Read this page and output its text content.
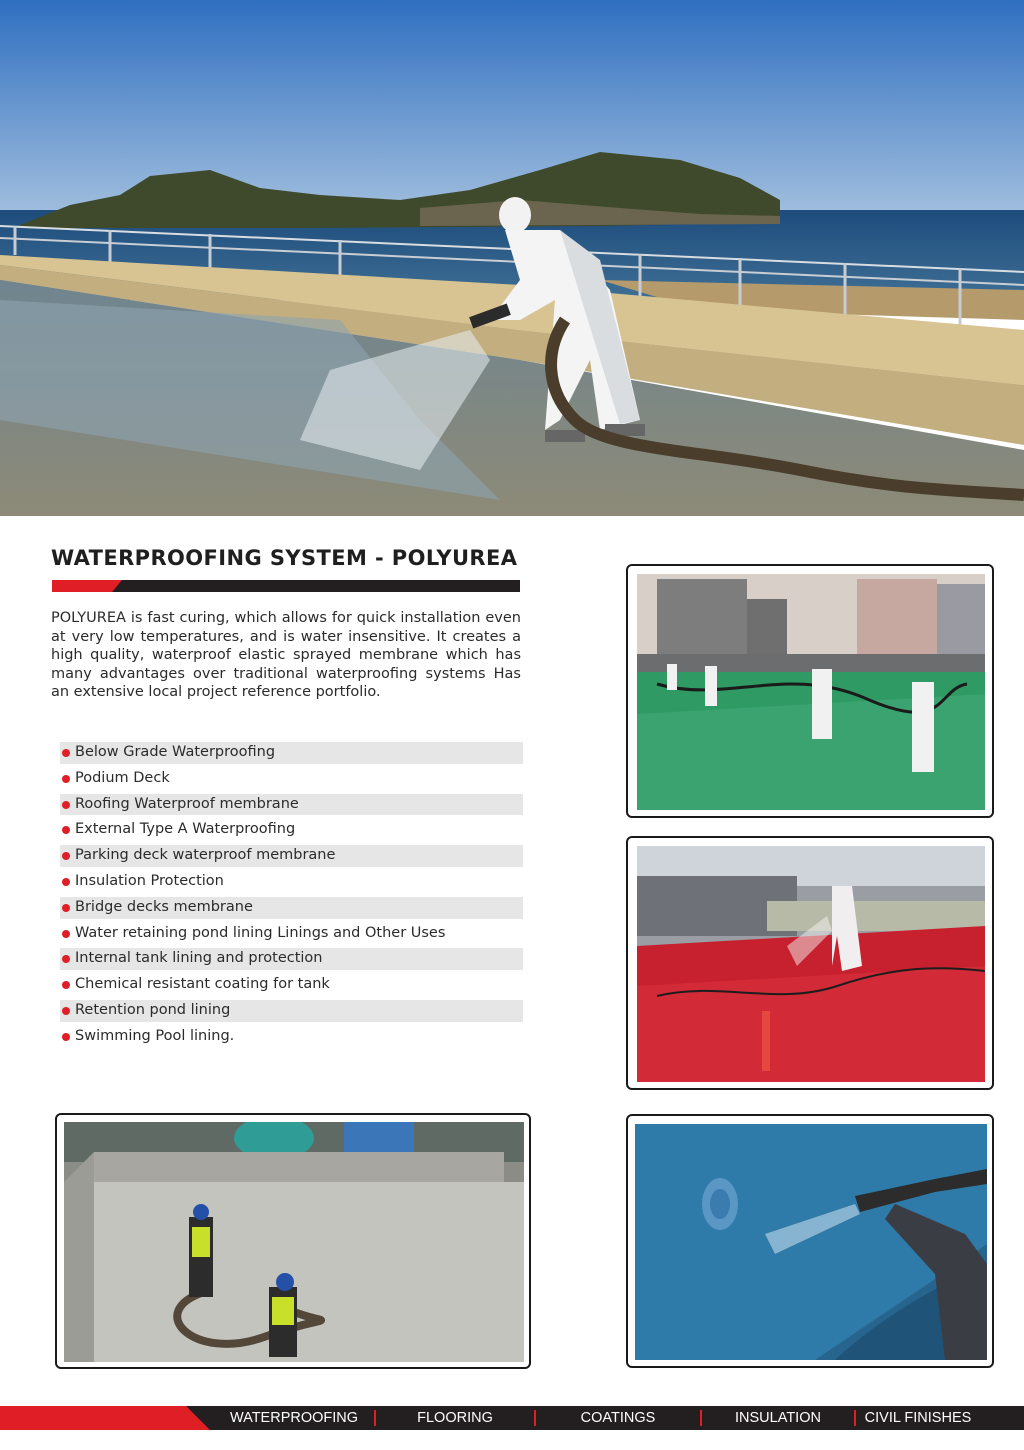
WATERPROOFING SYSTEM - POLYUREA

POLYUREA is fast curing, which allows for quick installation even at very low temperatures, and is water insensitive. It creates a high quality, waterproof elastic sprayed membrane which has many advantages over traditional waterproofing systems Has an extensive local project reference portfolio.

Below Grade Waterproofing
Podium Deck
Roofing Waterproof membrane
External Type A Waterproofing
Parking deck waterproof membrane
Insulation Protection
Bridge decks membrane
Water retaining pond lining Linings and Other Uses
Internal tank lining and protection
Chemical resistant coating for tank
Retention pond lining
Swimming Pool lining.
WATERPROOFING	FLOORING	COATINGS	INSULATION	CIVIL FINISHES
